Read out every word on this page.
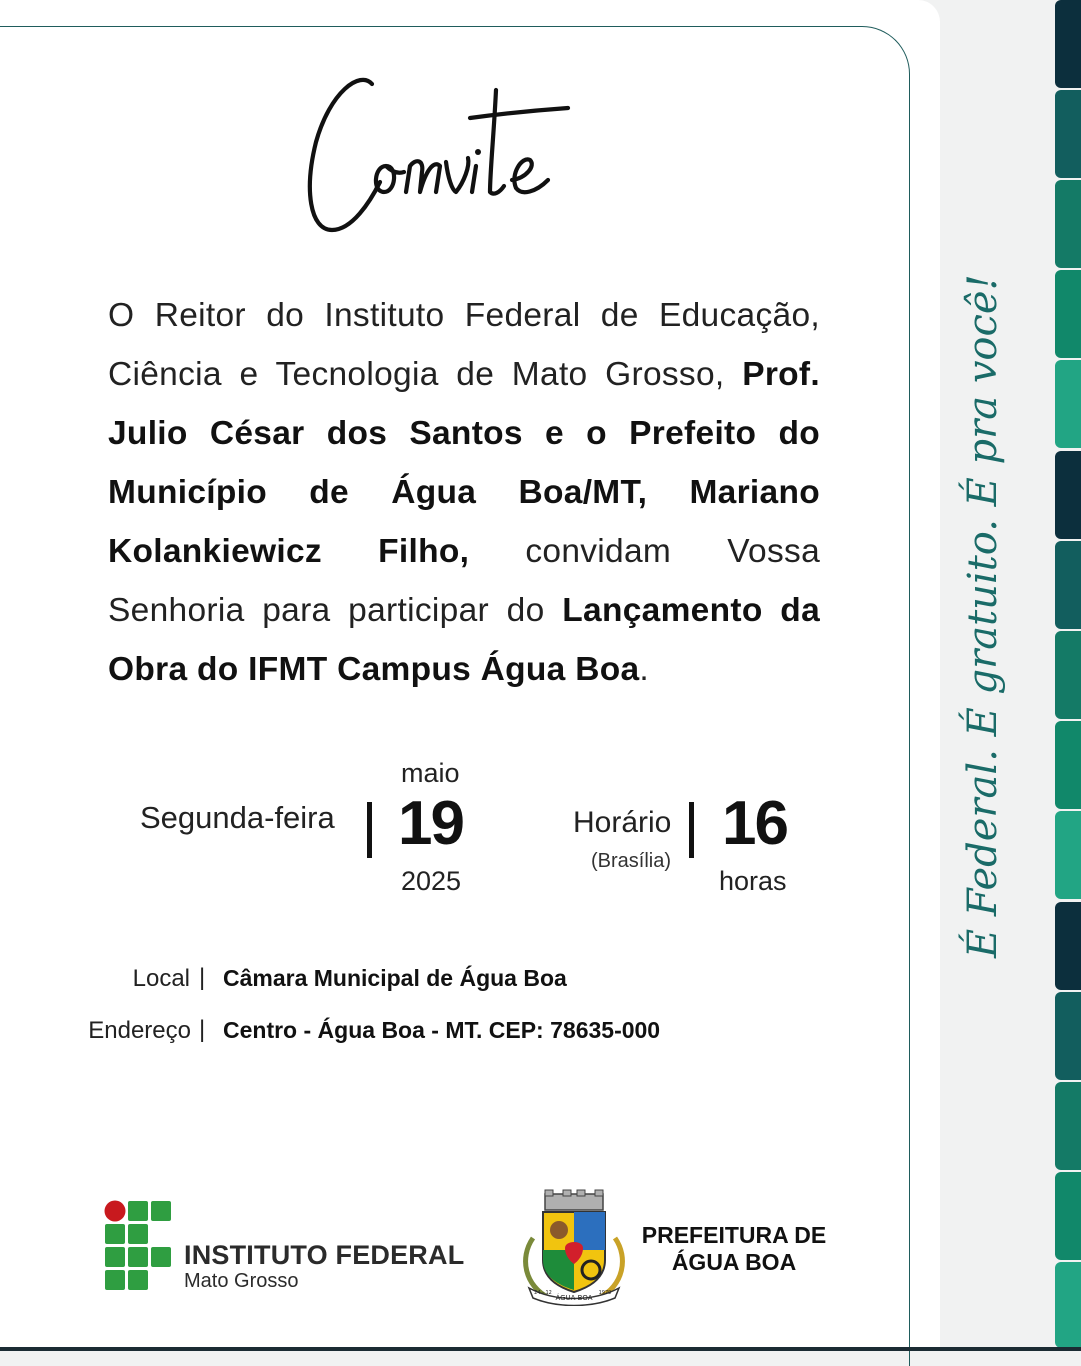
O Reitor do Instituto Federal de Educação, Ciência e Tecnologia de Mato Grosso, Prof. Julio César dos Santos e o Prefeito do Município de Água Boa/MT, Mariano Kolankiewicz Filho, convidam Vossa Senhoria para participar do Lançamento da Obra do IFMT Campus Água Boa.
Segunda-feira
maio
19
2025
Horário
(Brasília)
16
horas
Local | Câmara Municipal de Água Boa
Endereço | Centro - Água Boa - MT. CEP: 78635-000
INSTITUTO FEDERAL
Mato Grosso
ÁGUA BOA
24 - 12	1979
PREFEITURA DE
ÁGUA BOA
É Federal. É gratuito. É pra você!
